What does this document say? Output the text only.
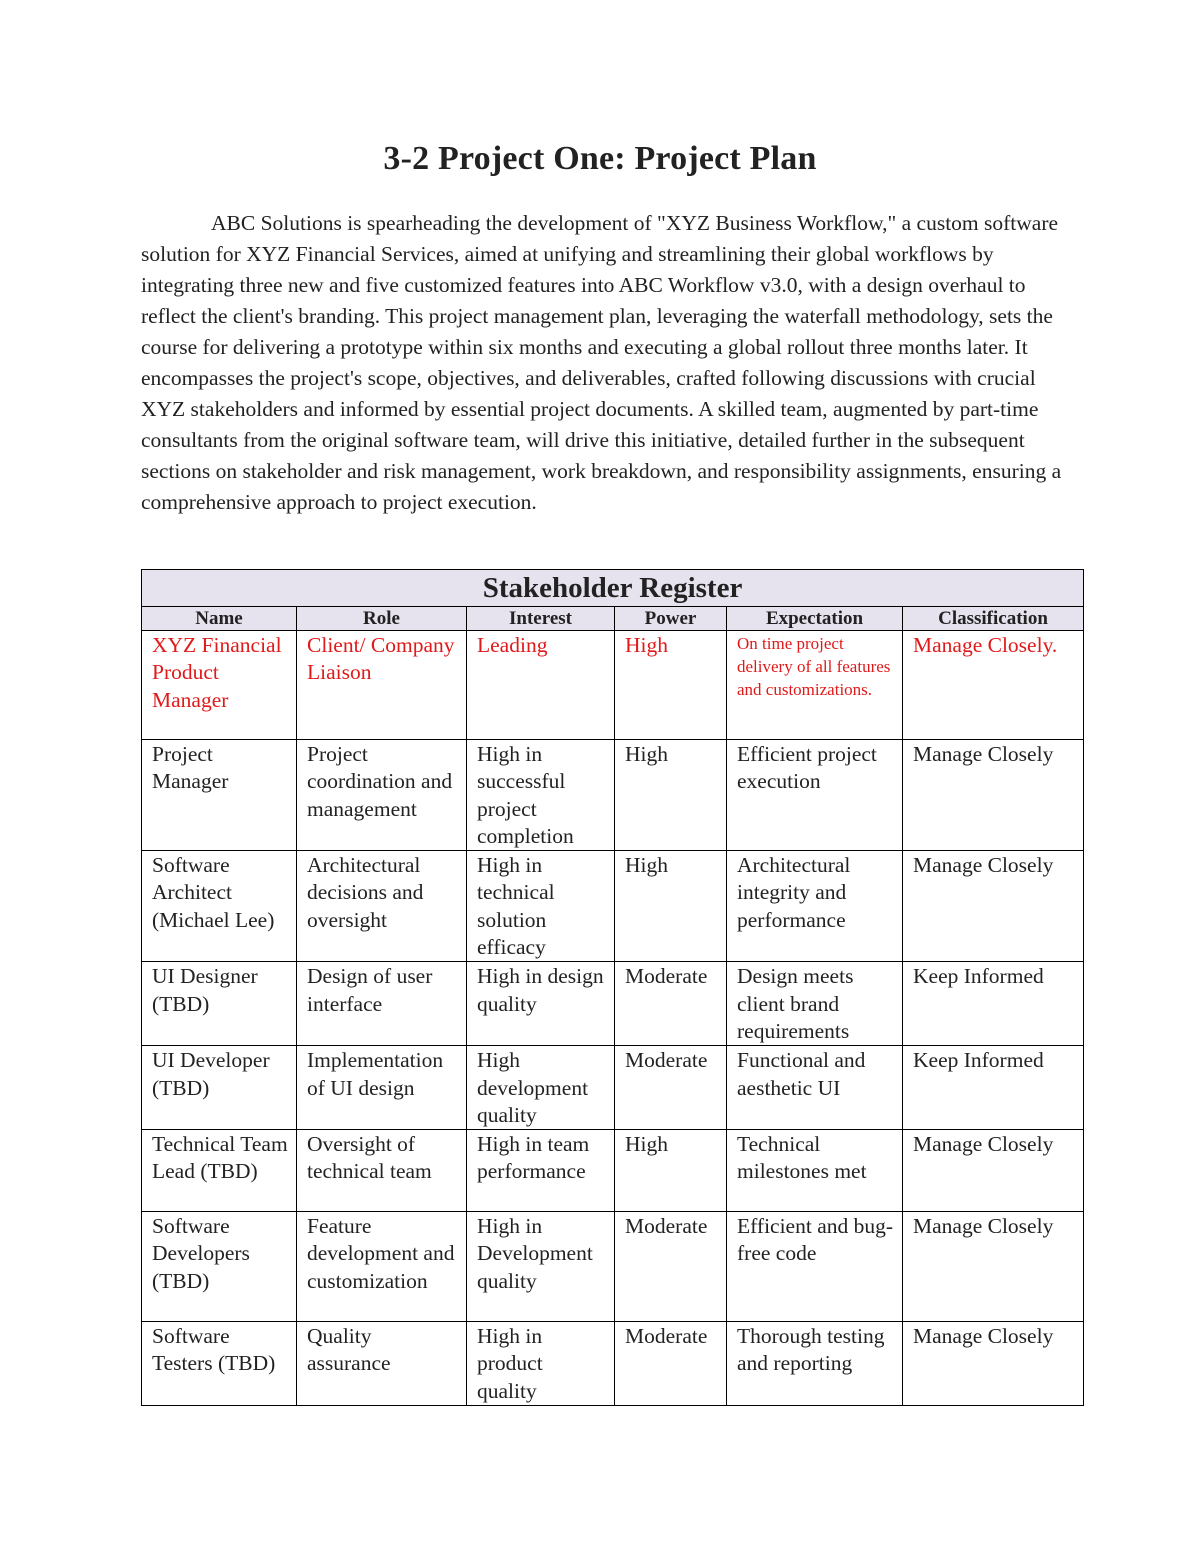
3-2 Project One: Project Plan

ABC Solutions is spearheading the development of "XYZ Business Workflow," a custom software solution for XYZ Financial Services, aimed at unifying and streamlining their global workflows by integrating three new and five customized features into ABC Workflow v3.0, with a design overhaul to reflect the client's branding. This project management plan, leveraging the waterfall methodology, sets the course for delivering a prototype within six months and executing a global rollout three months later. It encompasses the project's scope, objectives, and deliverables, crafted following discussions with crucial XYZ stakeholders and informed by essential project documents. A skilled team, augmented by part-time consultants from the original software team, will drive this initiative, detailed further in the subsequent sections on stakeholder and risk management, work breakdown, and responsibility assignments, ensuring a comprehensive approach to project execution.

Stakeholder Register					
Name	Role	Interest	Power	Expectation	Classification
XYZ Financial Product Manager	Client/ Company Liaison	Leading	High	On time project delivery of all features and customizations.	Manage Closely.
Project Manager	Project coordination and management	High in successful project completion	High	Efficient project execution	Manage Closely
Software Architect (Michael Lee)	Architectural decisions and oversight	High in technical solution efficacy	High	Architectural integrity and performance	Manage Closely
UI Designer (TBD)	Design of user interface	High in design quality	Moderate	Design meets client brand requirements	Keep Informed
UI Developer (TBD)	Implementation of UI design	High development quality	Moderate	Functional and aesthetic UI	Keep Informed
Technical Team Lead (TBD)	Oversight of technical team	High in team performance	High	Technical milestones met	Manage Closely
Software Developers (TBD)	Feature development and customization	High in Development quality	Moderate	Efficient and bug-free code	Manage Closely
Software Testers (TBD)	Quality assurance	High in product quality	Moderate	Thorough testing and reporting	Manage Closely
